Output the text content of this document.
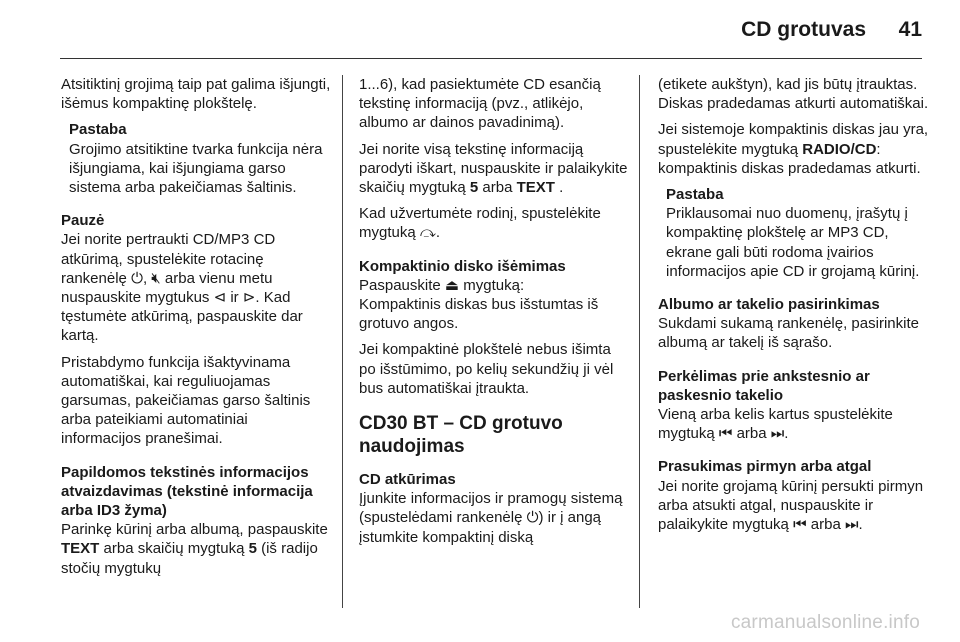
CD grotuvas 41

Atsitiktinį grojimą taip pat galima išjungti, išėmus kompaktinę plokštelę.

Pastaba
Grojimo atsitiktine tvarka funkcija nėra išjungiama, kai išjungiama garso sistema arba pakeičiamas šaltinis.
Pauzė

Jei norite pertraukti CD/MP3 CD atkūrimą, spustelėkite rotacinę rankenėlę ⏻, 🔇︎ arba vienu metu nuspauskite mygtukus ⊲ ir ⊳. Kad tęstumėte atkūrimą, paspauskite dar kartą.

Pristabdymo funkcija išaktyvinama automatiškai, kai reguliuojamas garsumas, pakeičiamas garso šaltinis arba pateikiami automatiniai informacijos pranešimai.

Papildomos tekstinės informacijos atvaizdavimas (tekstinė informacija arba ID3 žyma)

Parinkę kūrinį arba albumą, paspauskite TEXT arba skaičių mygtuką 5 (iš radijo stočių mygtukų

1...6), kad pasiektumėte CD esančią tekstinę informaciją (pvz., atlikėjo, albumo ar dainos pavadinimą).

Jei norite visą tekstinę informaciją parodyti iškart, nuspauskite ir palaikykite skaičių mygtuką 5 arba TEXT .

Kad užvertumėte rodinį, spustelėkite mygtuką ⤼.

Kompaktinio disko išėmimas

Paspauskite ⏏ mygtuką:
Kompaktinis diskas bus išstumtas iš grotuvo angos.

Jei kompaktinė plokštelė nebus išimta po išstūmimo, po kelių sekundžių ji vėl bus automatiškai įtraukta.

CD30 BT – CD grotuvo naudojimas
CD atkūrimas

Įjunkite informacijos ir pramogų sistemą (spustelėdami rankenėlę ⏻) ir į angą įstumkite kompaktinį diską

(etikete aukštyn), kad jis būtų įtrauktas. Diskas pradedamas atkurti automatiškai.

Jei sistemoje kompaktinis diskas jau yra, spustelėkite mygtuką RADIO/CD: kompaktinis diskas pradedamas atkurti.

Pastaba
Priklausomai nuo duomenų, įrašytų į kompaktinę plokštelę ar MP3 CD, ekrane gali būti rodoma įvairios informacijos apie CD ir grojamą kūrinį.
Albumo ar takelio pasirinkimas

Sukdami sukamą rankenėlę, pasirinkite albumą ar takelį iš sąrašo.

Perkėlimas prie ankstesnio ar paskesnio takelio

Vieną arba kelis kartus spustelėkite mygtuką ⏮ arba ⏭.

Prasukimas pirmyn arba atgal

Jei norite grojamą kūrinį persukti pirmyn arba atsukti atgal, nuspauskite ir palaikykite mygtuką ⏮ arba ⏭.

carmanualsonline.info
